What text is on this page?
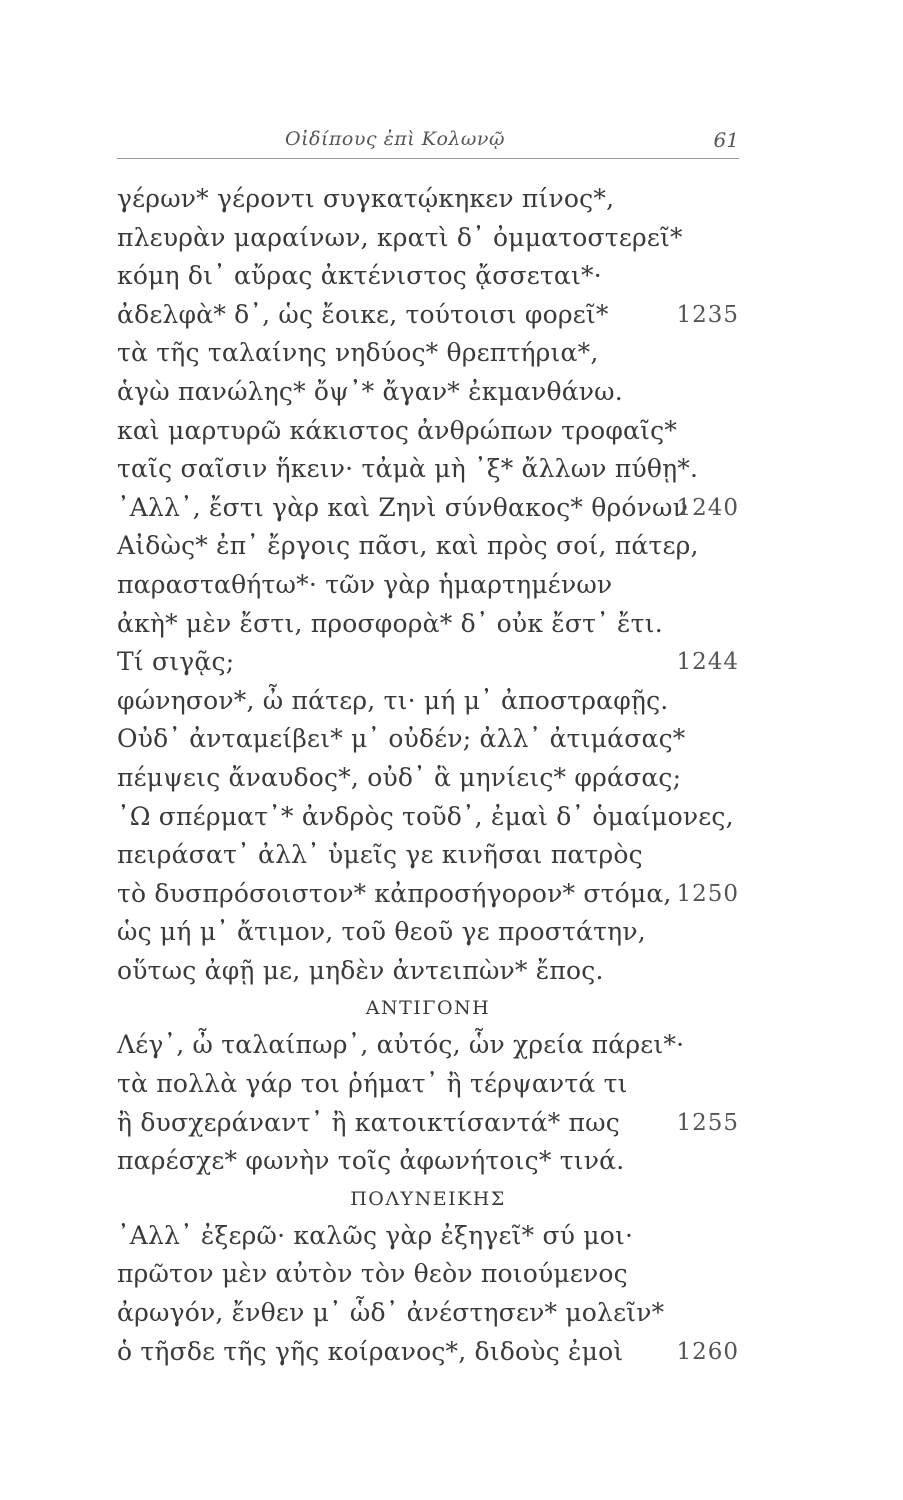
Οἰδίπους ἐπὶ Κολωνῷ	61
γέρων* γέροντι συγκατῴκηκεν πίνος*,
πλευρὰν μαραίνων, κρατὶ δ᾽ ὀμματοστερεῖ*
κόμη δι᾽ αὔρας ἀκτένιστος ᾄσσεται*·
ἀδελφὰ* δ᾽, ὡς ἔοικε, τούτοισι φορεῖ*	1235
τὰ τῆς ταλαίνης νηδύος* θρεπτήρια*,
ἁγὼ πανώλης* ὄψ᾽* ἄγαν* ἐκμανθάνω.
καὶ μαρτυρῶ κάκιστος ἀνθρώπων τροφαῖς*
ταῖς σαῖσιν ἥκειν· τἀμὰ μὴ ᾽ξ* ἄλλων πύθῃ*.
᾽Αλλ᾽, ἔστι γὰρ καὶ Ζηνὶ σύνθακος* θρόνων
1240
Αἰδὼς* ἐπ᾽ ἔργοις πᾶσι, καὶ πρὸς σοί, πάτερ,
παρασταθήτω*· τῶν γὰρ ἡμαρτημένων
ἀκὴ* μὲν ἔστι, προσφορὰ* δ᾽ οὐκ ἔστ᾽ ἔτι.
Τί σιγᾷς;	1244
φώνησον*, ὦ πάτερ, τι· μή μ᾽ ἀποστραφῇς.
Οὐδ᾽ ἀνταμείβει* μ᾽ οὐδέν; ἀλλ᾽ ἀτιμάσας*
πέμψεις ἄναυδος*, οὐδ᾽ ἃ μηνίεις* φράσας;
᾽Ω σπέρματ᾽* ἀνδρὸς τοῦδ᾽, ἐμαὶ δ᾽ ὁμαίμονες,
πειράσατ᾽ ἀλλ᾽ ὑμεῖς γε κινῆσαι πατρὸς
τὸ δυσπρόσοιστον* κἀπροσήγορον* στόμα, 1250
ὡς μή μ᾽ ἄτιμον, τοῦ θεοῦ γε προστάτην,
οὕτως ἀφῇ με, μηδὲν ἀντειπὼν* ἔπος.
ΑΝΤΙΓΟΝΗ
Λέγ᾽, ὦ ταλαίπωρ᾽, αὐτός, ὧν χρεία πάρει*·
τὰ πολλὰ γάρ τοι ῥήματ᾽ ἢ τέρψαντά τι
ἢ δυσχεράναντ᾽ ἢ κατοικτίσαντά* πως 1255
παρέσχε* φωνὴν τοῖς ἀφωνήτοις* τινά.
ΠΟΛΥΝΕΙΚΗΣ
᾽Αλλ᾽ ἐξερῶ· καλῶς γὰρ ἐξηγεῖ* σύ μοι·
πρῶτον μὲν αὐτὸν τὸν θεὸν ποιούμενος
ἀρωγόν, ἔνθεν μ᾽ ὧδ᾽ ἀνέστησεν* μολεῖν*
ὁ τῆσδε τῆς γῆς κοίρανος*, διδοὺς ἐμοὶ 1260
